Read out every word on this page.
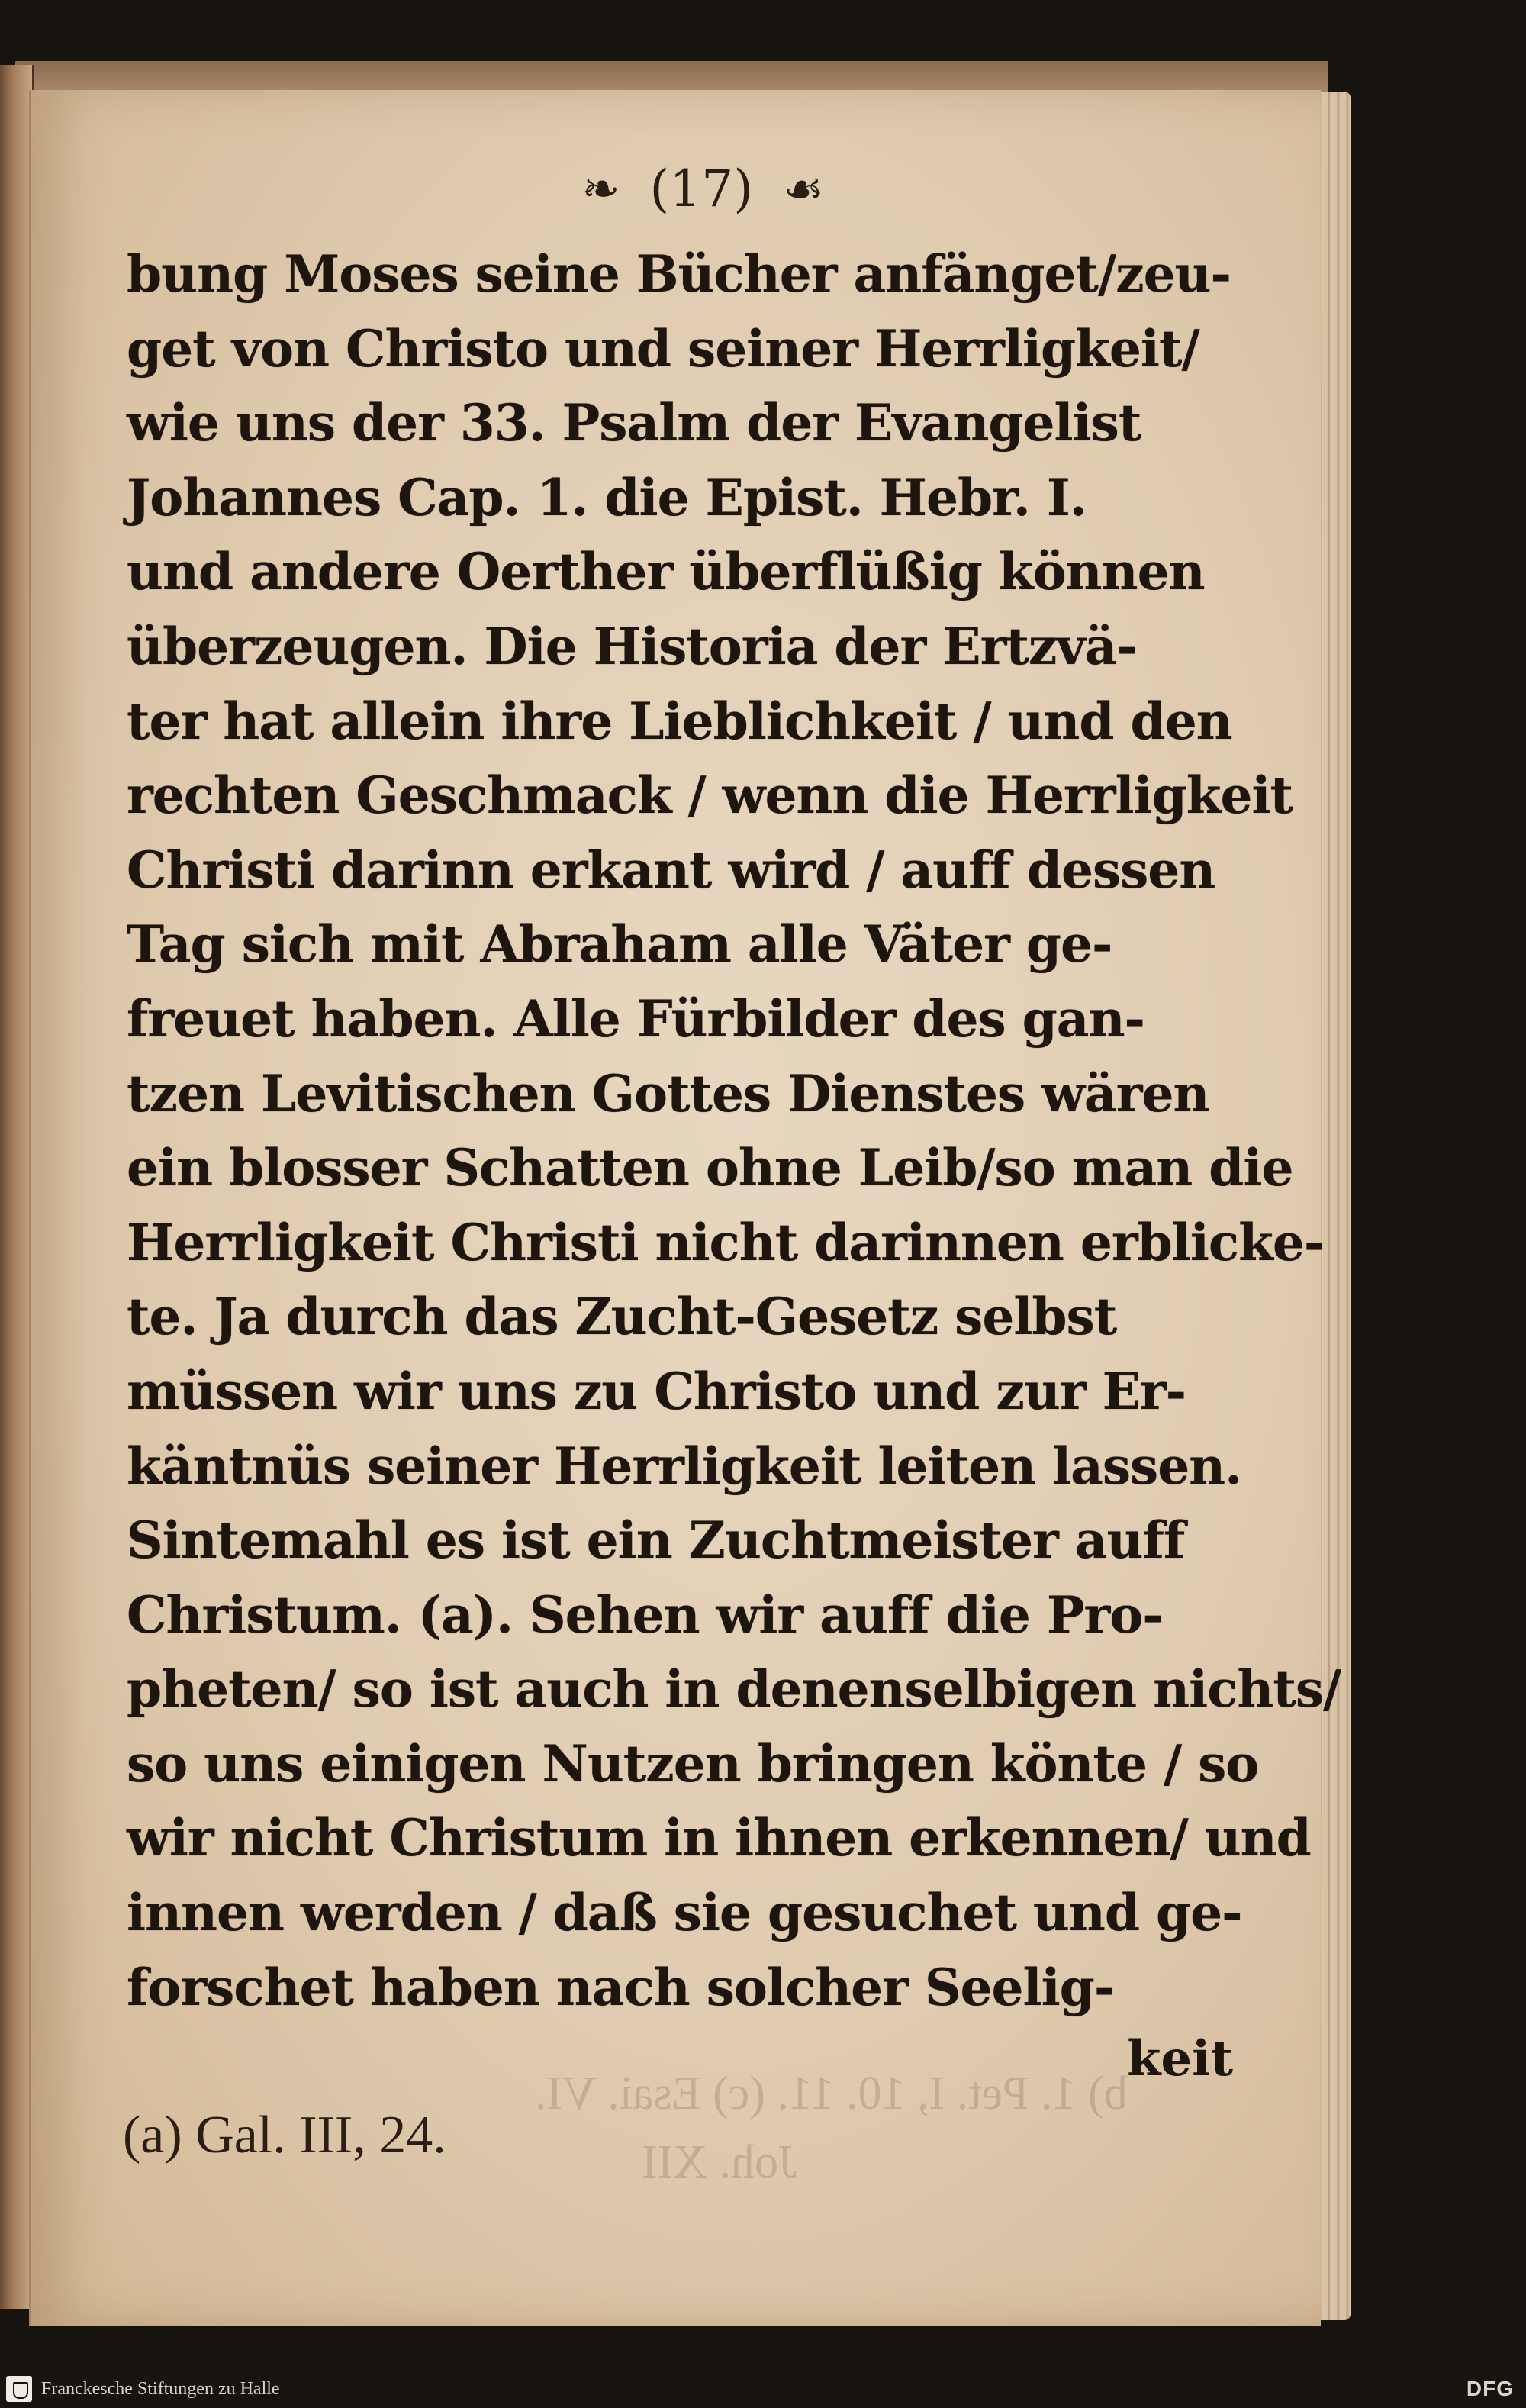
b) 1. Pet. I, 10. 11. (c) Esai. VI.
Joh. XII
❧ (17) ☙
bung Moses seine Bücher anfänget/zeu-
get von Christo und seiner Herrligkeit/
wie uns der 33. Psalm der Evangelist
Johannes Cap. 1. die Epist. Hebr. I.
und andere Oerther überflüßig können
überzeugen. Die Historia der Ertzvä-
ter hat allein ihre Lieblichkeit / und den
rechten Geschmack / wenn die Herrligkeit
Christi darinn erkant wird / auff dessen
Tag sich mit Abraham alle Väter ge-
freuet haben. Alle Fürbilder des gan-
tzen Levitischen Gottes Dienstes wären
ein blosser Schatten ohne Leib/so man die
Herrligkeit Christi nicht darinnen erblicke-
te. Ja durch das Zucht-Gesetz selbst
müssen wir uns zu Christo und zur Er-
käntnüs seiner Herrligkeit leiten lassen.
Sintemahl es ist ein Zuchtmeister auff
Christum. (a). Sehen wir auff die Pro-
pheten/ so ist auch in denenselbigen nichts/
so uns einigen Nutzen bringen könte / so
wir nicht Christum in ihnen erkennen/ und
innen werden / daß sie gesuchet und ge-
forschet haben nach solcher Seelig-
keit
(a) Gal. III, 24.
Franckesche Stiftungen zu Halle	DFG
